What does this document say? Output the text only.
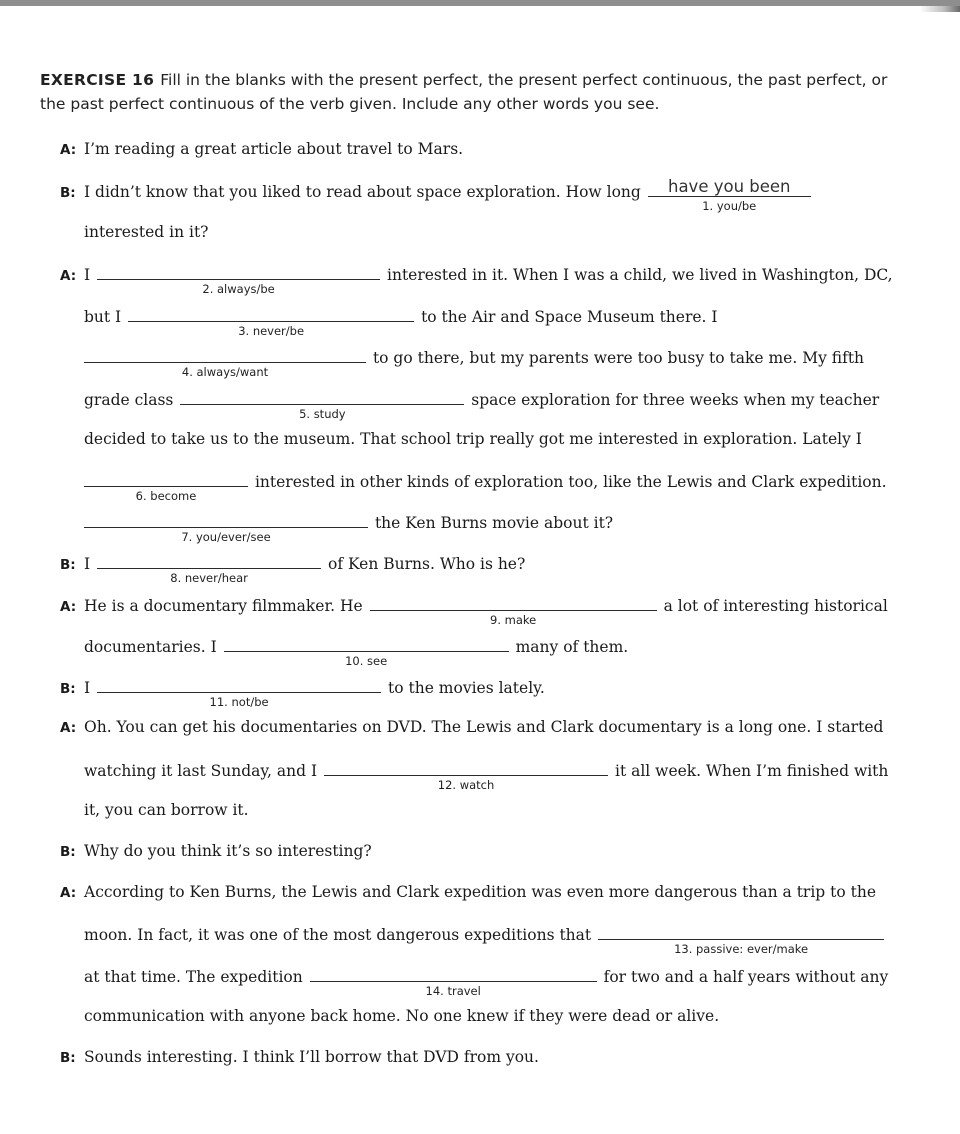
EXERCISE 16 Fill in the blanks with the present perfect, the present perfect continuous, the past perfect, or the past perfect continuous of the verb given. Include any other words you see.
A: I’m reading a great article about travel to Mars.
B: I didn’t know that you liked to read about space exploration. How long	have you been
1. you/be
interested in it?
A: I
2. always/be
interested in it. When I was a child, we lived in Washington, DC,
but I
3. never/be
to the Air and Space Museum there. I
4. always/want
to go there, but my parents were too busy to take me. My fifth
grade class
5. study
space exploration for three weeks when my teacher
decided to take us to the museum. That school trip really got me interested in exploration. Lately I
6. become
interested in other kinds of exploration too, like the Lewis and Clark expedition.
7. you/ever/see
the Ken Burns movie about it?
B: I
8. never/hear
of Ken Burns. Who is he?
A: He is a documentary filmmaker. He
9. make
a lot of interesting historical
documentaries. I
10. see
many of them.
B: I
11. not/be
to the movies lately.
A: Oh. You can get his documentaries on DVD. The Lewis and Clark documentary is a long one. I started
watching it last Sunday, and I
12. watch
it all week. When I’m finished with
it, you can borrow it.
B: Why do you think it’s so interesting?
A: According to Ken Burns, the Lewis and Clark expedition was even more dangerous than a trip to the
moon. In fact, it was one of the most dangerous expeditions that
13. passive: ever/make
at that time. The expedition
14. travel
for two and a half years without any
communication with anyone back home. No one knew if they were dead or alive.
B: Sounds interesting. I think I’ll borrow that DVD from you.
